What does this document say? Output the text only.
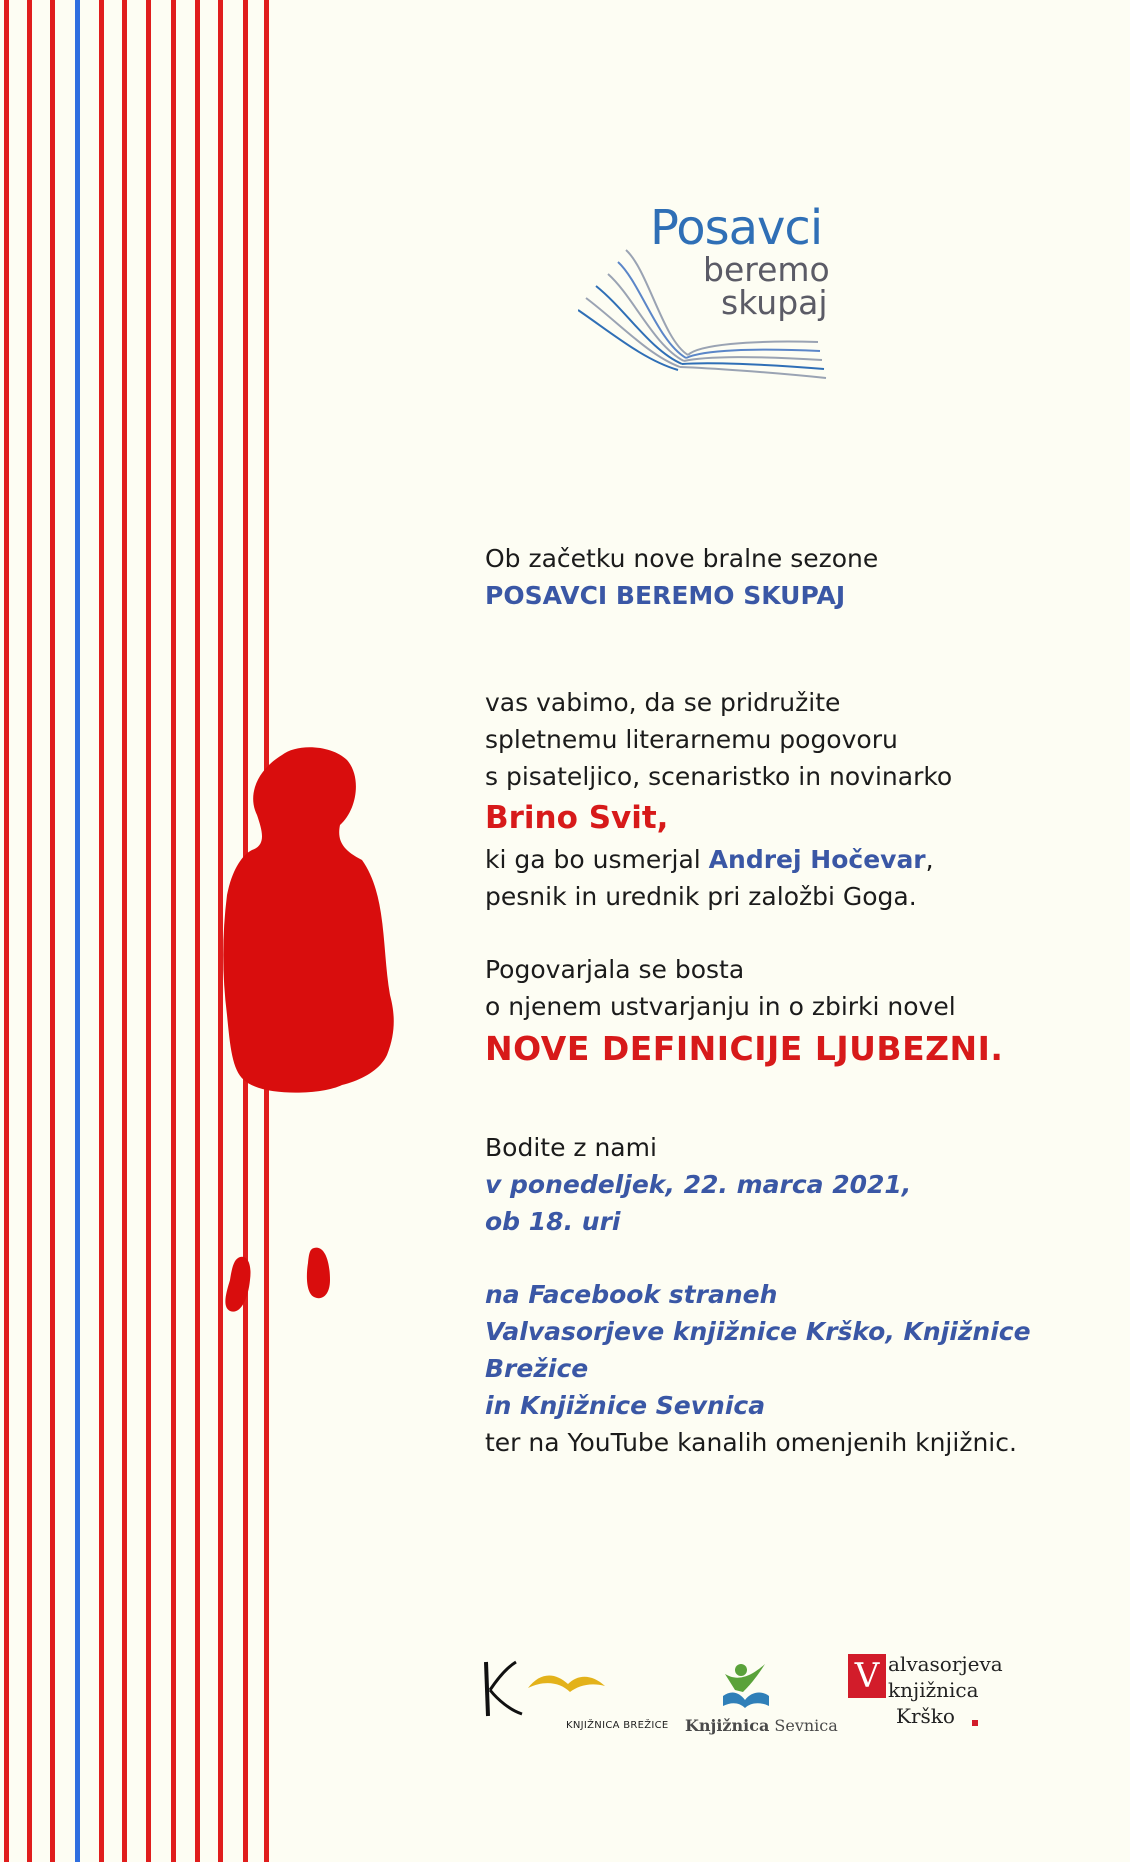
Posavci
beremo
skupaj
Ob začetku nove bralne sezone
POSAVCI BEREMO SKUPAJ
vas vabimo, da se pridružite
spletnemu literarnemu pogovoru
s pisateljico, scenaristko in novinarko
Brino Svit,
ki ga bo usmerjal Andrej Hočevar,
pesnik in urednik pri založbi Goga.
Pogovarjala se bosta
o njenem ustvarjanju in o zbirki novel
NOVE DEFINICIJE LJUBEZNI.
Bodite z nami
v ponedeljek, 22. marca 2021,
ob 18. uri
na Facebook straneh
Valvasorjeve knjižnice Krško, Knjižnice
Brežice
in Knjižnice Sevnica
ter na YouTube kanalih omenjenih knjižnic.
KNJIŽNICA BREŽICE Knjižnica Sevnica
V alvasorjeva
knjižnica
Krško
